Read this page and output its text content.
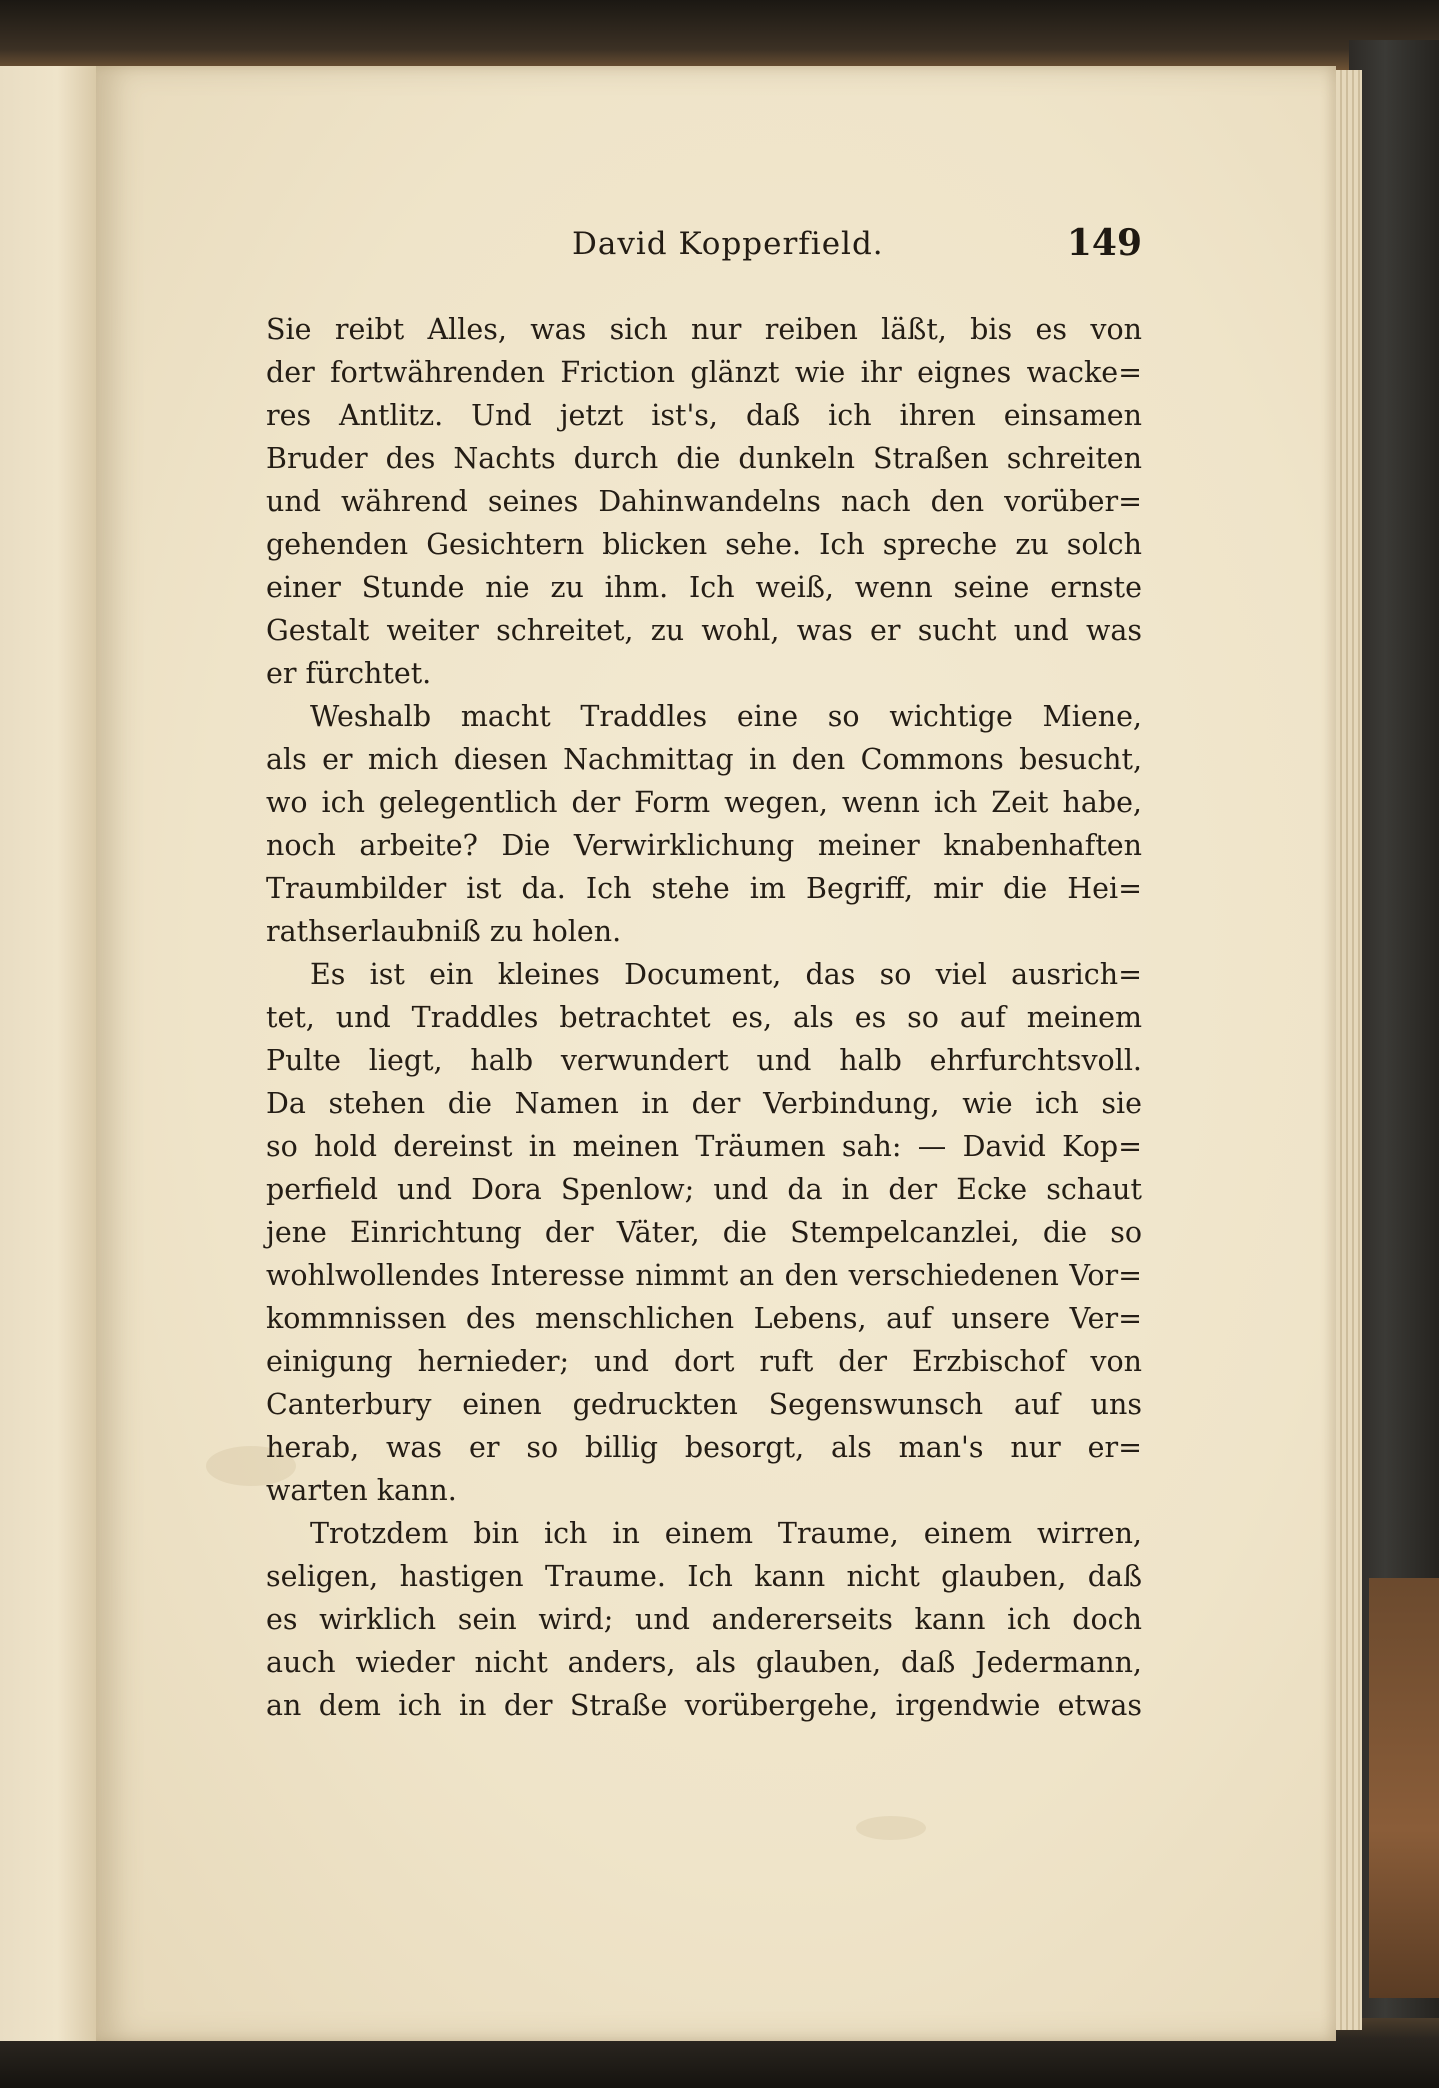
David Kopperfield.	149
Sie reibt Alles, was sich nur reiben läßt, bis es von
der fortwährenden Friction glänzt wie ihr eignes wacke=
res Antlitz. Und jetzt ist's, daß ich ihren einsamen
Bruder des Nachts durch die dunkeln Straßen schreiten
und während seines Dahinwandelns nach den vorüber=
gehenden Gesichtern blicken sehe. Ich spreche zu solch
einer Stunde nie zu ihm. Ich weiß, wenn seine ernste
Gestalt weiter schreitet, zu wohl, was er sucht und was
er fürchtet.
Weshalb macht Traddles eine so wichtige Miene,
als er mich diesen Nachmittag in den Commons besucht,
wo ich gelegentlich der Form wegen, wenn ich Zeit habe,
noch arbeite? Die Verwirklichung meiner knabenhaften
Traumbilder ist da. Ich stehe im Begriff, mir die Hei=
rathserlaubniß zu holen.
Es ist ein kleines Document, das so viel ausrich=
tet, und Traddles betrachtet es, als es so auf meinem
Pulte liegt, halb verwundert und halb ehrfurchtsvoll.
Da stehen die Namen in der Verbindung, wie ich sie
so hold dereinst in meinen Träumen sah: — David Kop=
perfield und Dora Spenlow; und da in der Ecke schaut
jene Einrichtung der Väter, die Stempelcanzlei, die so
wohlwollendes Interesse nimmt an den verschiedenen Vor=
kommnissen des menschlichen Lebens, auf unsere Ver=
einigung hernieder; und dort ruft der Erzbischof von
Canterbury einen gedruckten Segenswunsch auf uns
herab, was er so billig besorgt, als man's nur er=
warten kann.
Trotzdem bin ich in einem Traume, einem wirren,
seligen, hastigen Traume. Ich kann nicht glauben, daß
es wirklich sein wird; und andererseits kann ich doch
auch wieder nicht anders, als glauben, daß Jedermann,
an dem ich in der Straße vorübergehe, irgendwie etwas
